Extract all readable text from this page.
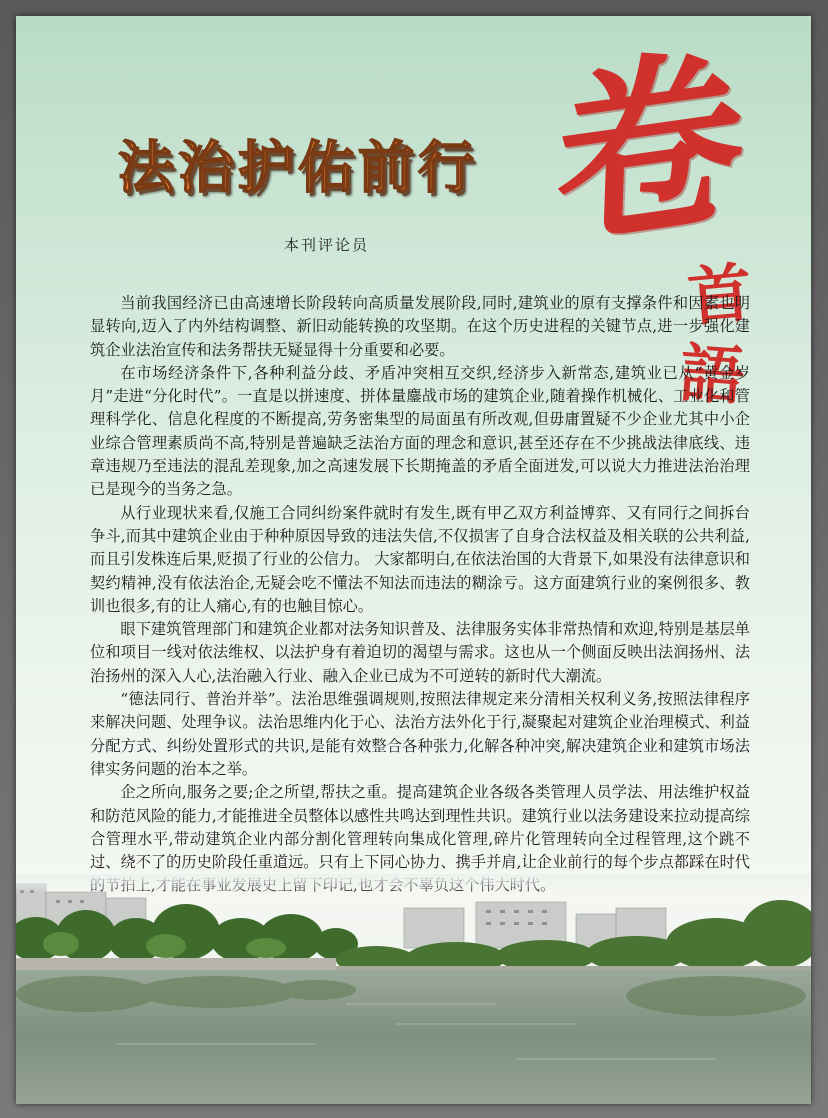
法治护佑前行
本刊评论员 卷
首
語

当前我国经济已由高速增长阶段转向高质量发展阶段,同时,建筑业的原有支撑条件和因素也明显转向,迈入了内外结构调整、新旧动能转换的攻坚期。在这个历史进程的关键节点,进一步强化建筑企业法治宣传和法务帮扶无疑显得十分重要和必要。

在市场经济条件下,各种利益分歧、矛盾冲突相互交织,经济步入新常态,建筑业已从“黄金岁月”走进“分化时代”。一直是以拼速度、拼体量鏖战市场的建筑企业,随着操作机械化、工业化和管理科学化、信息化程度的不断提高,劳务密集型的局面虽有所改观,但毋庸置疑不少企业尤其中小企业综合管理素质尚不高,特别是普遍缺乏法治方面的理念和意识,甚至还存在不少挑战法律底线、违章违规乃至违法的混乱差现象,加之高速发展下长期掩盖的矛盾全面迸发,可以说大力推进法治治理已是现今的当务之急。

从行业现状来看,仅施工合同纠纷案件就时有发生,既有甲乙双方利益博弈、又有同行之间拆台争斗,而其中建筑企业由于种种原因导致的违法失信,不仅损害了自身合法权益及相关联的公共利益,而且引发株连后果,贬损了行业的公信力。 大家都明白,在依法治国的大背景下,如果没有法律意识和契约精神,没有依法治企,无疑会吃不懂法不知法而违法的糊涂亏。这方面建筑行业的案例很多、教训也很多,有的让人痛心,有的也触目惊心。

眼下建筑管理部门和建筑企业都对法务知识普及、法律服务实体非常热情和欢迎,特别是基层单位和项目一线对依法维权、以法护身有着迫切的渴望与需求。这也从一个侧面反映出法润扬州、法治扬州的深入人心,法治融入行业、融入企业已成为不可逆转的新时代大潮流。

“德法同行、普治并举”。法治思维强调规则,按照法律规定来分清相关权利义务,按照法律程序来解决问题、处理争议。法治思维内化于心、法治方法外化于行,凝聚起对建筑企业治理模式、利益分配方式、纠纷处置形式的共识,是能有效整合各种张力,化解各种冲突,解决建筑企业和建筑市场法律实务问题的治本之举。

企之所向,服务之要;企之所望,帮扶之重。提高建筑企业各级各类管理人员学法、用法维护权益和防范风险的能力,才能推进全员整体以感性共鸣达到理性共识。建筑行业以法务建设来拉动提高综合管理水平,带动建筑企业内部分割化管理转向集成化管理,碎片化管理转向全过程管理,这个跳不过、绕不了的历史阶段任重道远。只有上下同心协力、携手并肩,让企业前行的每个步点都踩在时代
